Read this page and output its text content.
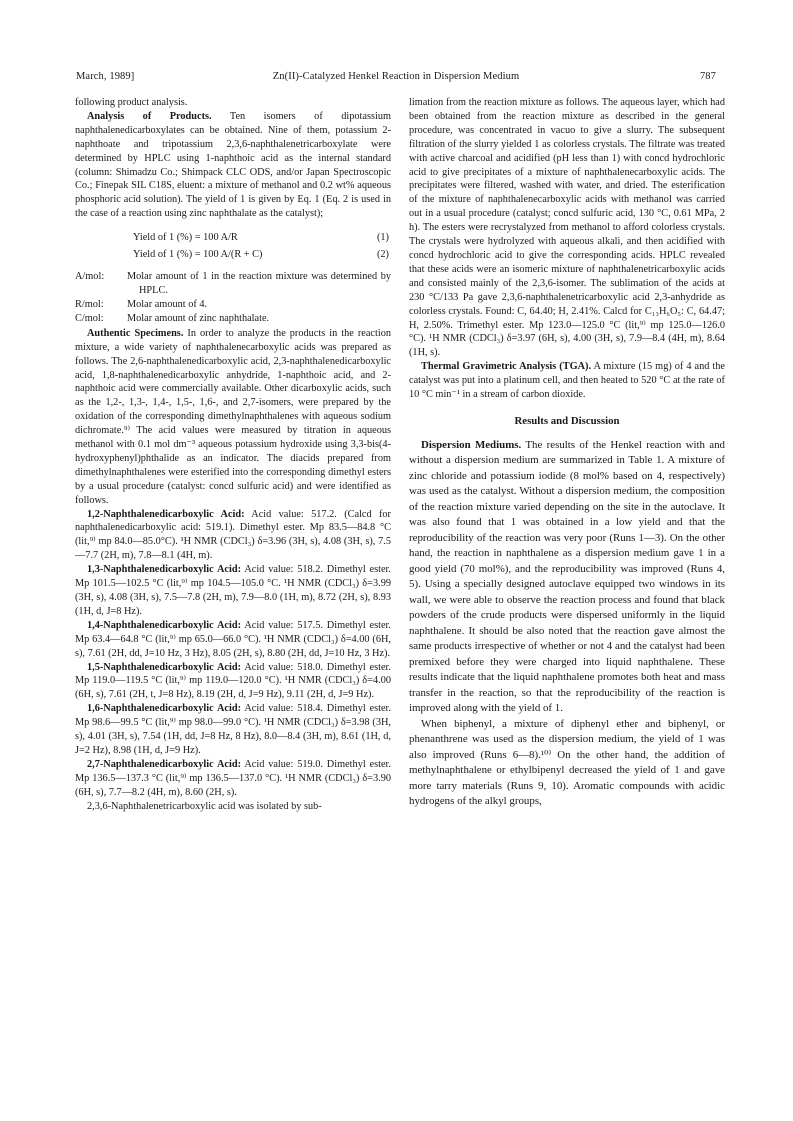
March, 1989]	Zn(II)-Catalyzed Henkel Reaction in Dispersion Medium	787

following product analysis.

Analysis of Products. Ten isomers of dipotassium naphthalenedicarboxylates can be obtained. Nine of them, potassium 2-naphthoate and tripotassium 2,3,6-naphthalenetricarboxylate were determined by HPLC using 1-naphthoic acid as the internal standard (column: Shimadzu Co.; Shimpack CLC ODS, and/or Japan Spectroscopic Co.; Finepak SIL C18S, eluent: a mixture of methanol and 0.2 wt% aqueous phosphoric acid solution). The yield of 1 is given by Eq. 1 (Eq. 2 is used in the case of a reaction using zinc naphthalate as the catalyst);

Yield of 1 (%) = 100 A/R	(1)
Yield of 1 (%) = 100 A/(R + C)	(2)

A/mol: Molar amount of 1 in the reaction mixture was determined by HPLC.

R/mol: Molar amount of 4.

C/mol: Molar amount of zinc naphthalate.

Authentic Specimens. In order to analyze the products in the reaction mixture, a wide variety of naphthalenecarboxylic acids was prepared as follows. The 2,6-naphthalenedicarboxylic acid, 2,3-naphthalenedicarboxylic acid, 1,8-naphthalenedicarboxylic anhydride, 1-naphthoic acid, and 2-naphthoic acid were commercially available. Other dicarboxylic acids, such as the 1,2-, 1,3-, 1,4-, 1,5-, 1,6-, and 2,7-isomers, were prepared by the oxidation of the corresponding dimethylnaphthalenes with aqueous sodium dichromate.⁹⁾ The acid values were measured by titration in aqueous methanol with 0.1 mol dm⁻³ aqueous potassium hydroxide using 3,3-bis(4-hydroxyphenyl)phthalide as an indicator. The diacids prepared from dimethylnaphthalenes were esterified into the corresponding dimethyl esters by a usual procedure (catalyst: concd sulfuric acid) and were identified as follows.

1,2-Naphthalenedicarboxylic Acid: Acid value: 517.2. (Calcd for naphthalenedicarboxylic acid: 519.1). Dimethyl ester. Mp 83.5—84.8 °C (lit,⁹⁾ mp 84.0—85.0°C). ¹H NMR (CDCl₃) δ=3.96 (3H, s), 4.08 (3H, s), 7.5—7.7 (2H, m), 7.8—8.1 (4H, m).

1,3-Naphthalenedicarboxylic Acid: Acid value: 518.2. Dimethyl ester. Mp 101.5—102.5 °C (lit,⁹⁾ mp 104.5—105.0 °C. ¹H NMR (CDCl₃) δ=3.99 (3H, s), 4.08 (3H, s), 7.5—7.8 (2H, m), 7.9—8.0 (1H, m), 8.72 (2H, s), 8.93 (1H, d, J=8 Hz).

1,4-Naphthalenedicarboxylic Acid: Acid value: 517.5. Dimethyl ester. Mp 63.4—64.8 °C (lit,⁹⁾ mp 65.0—66.0 °C). ¹H NMR (CDCl₃) δ=4.00 (6H, s), 7.61 (2H, dd, J=10 Hz, 3 Hz), 8.05 (2H, s), 8.80 (2H, dd, J=10 Hz, 3 Hz).

1,5-Naphthalenedicarboxylic Acid: Acid value: 518.0. Dimethyl ester. Mp 119.0—119.5 °C (lit,⁹⁾ mp 119.0—120.0 °C). ¹H NMR (CDCl₃) δ=4.00 (6H, s), 7.61 (2H, t, J=8 Hz), 8.19 (2H, d, J=9 Hz), 9.11 (2H, d, J=9 Hz).

1,6-Naphthalenedicarboxylic Acid: Acid value: 518.4. Dimethyl ester. Mp 98.6—99.5 °C (lit,⁹⁾ mp 98.0—99.0 °C). ¹H NMR (CDCl₃) δ=3.98 (3H, s), 4.01 (3H, s), 7.54 (1H, dd, J=8 Hz, 8 Hz), 8.0—8.4 (3H, m), 8.61 (1H, d, J=2 Hz), 8.98 (1H, d, J=9 Hz).

2,7-Naphthalenedicarboxylic Acid: Acid value: 519.0. Dimethyl ester. Mp 136.5—137.3 °C (lit,⁹⁾ mp 136.5—137.0 °C). ¹H NMR (CDCl₃) δ=3.90 (6H, s), 7.7—8.2 (4H, m), 8.60 (2H, s).

2,3,6-Naphthalenetricarboxylic acid was isolated by sub-

limation from the reaction mixture as follows. The aqueous layer, which had been obtained from the reaction mixture as described in the general procedure, was concentrated in vacuo to give a slurry. The subsequent filtration of the slurry yielded 1 as colorless crystals. The filtrate was treated with active charcoal and acidified (pH less than 1) with concd hydrochloric acid to give precipitates of a mixture of naphthalenecarboxylic acids. The precipitates were filtered, washed with water, and dried. The esterification of the mixture of naphthalenecarboxylic acids with methanol was carried out in a usual procedure (catalyst; concd sulfuric acid, 130 °C, 0.61 MPa, 2 h). The esters were recrystalyzed from methanol to afford colorless crystals. The crystals were hydrolyzed with aqueous alkali, and then acidified with concd hydrochloric acid to give the corresponding acids. HPLC revealed that these acids were an isomeric mixture of naphthalenetricarboxylic acids and consisted mainly of the 2,3,6-isomer. The sublimation of the acids at 230 °C/133 Pa gave 2,3,6-naphthalenetricarboxylic acid 2,3-anhydride as colorless crystals. Found: C, 64.40; H, 2.41%. Calcd for C₁₃H₆O₅: C, 64.47; H, 2.50%. Trimethyl ester. Mp 123.0—125.0 °C (lit,⁹⁾ mp 125.0—126.0 °C). ¹H NMR (CDCl₃) δ=3.97 (6H, s), 4.00 (3H, s), 7.9—8.4 (4H, m), 8.64 (1H, s).

Thermal Gravimetric Analysis (TGA). A mixture (15 mg) of 4 and the catalyst was put into a platinum cell, and then heated to 520 °C at the rate of 10 °C min⁻¹ in a stream of carbon dioxide.

Results and Discussion

Dispersion Mediums. The results of the Henkel reaction with and without a dispersion medium are summarized in Table 1. A mixture of zinc chloride and potassium iodide (8 mol% based on 4, respectively) was used as the catalyst. Without a dispersion medium, the composition of the reaction mixture varied depending on the site in the autoclave. It was also found that 1 was obtained in a low yield and that the reproducibility of the reaction was very poor (Runs 1—3). On the other hand, the reaction in naphthalene as a dispersion medium gave 1 in a good yield (70 mol%), and the reproducibility was improved (Runs 4, 5). Using a specially designed autoclave equipped two windows in its wall, we were able to observe the reaction process and found that black powders of the crude products were dispersed uniformly in the liquid naphthalene. It should be also noted that the reaction gave almost the same products irrespective of whether or not 4 and the catalyst had been premixed before they were charged into liquid naphthalene. These results indicate that the liquid naphthalene promotes both heat and mass transfer in the reaction, so that the reproducibility of the reaction is improved along with the yield of 1.

When biphenyl, a mixture of diphenyl ether and biphenyl, or phenanthrene was used as the dispersion medium, the yield of 1 was also improved (Runs 6—8).¹⁰⁾ On the other hand, the addition of methylnaphthalene or ethylbipenyl decreased the yield of 1 and gave more tarry materials (Runs 9, 10). Aromatic compounds with acidic hydrogens of the alkyl groups,
